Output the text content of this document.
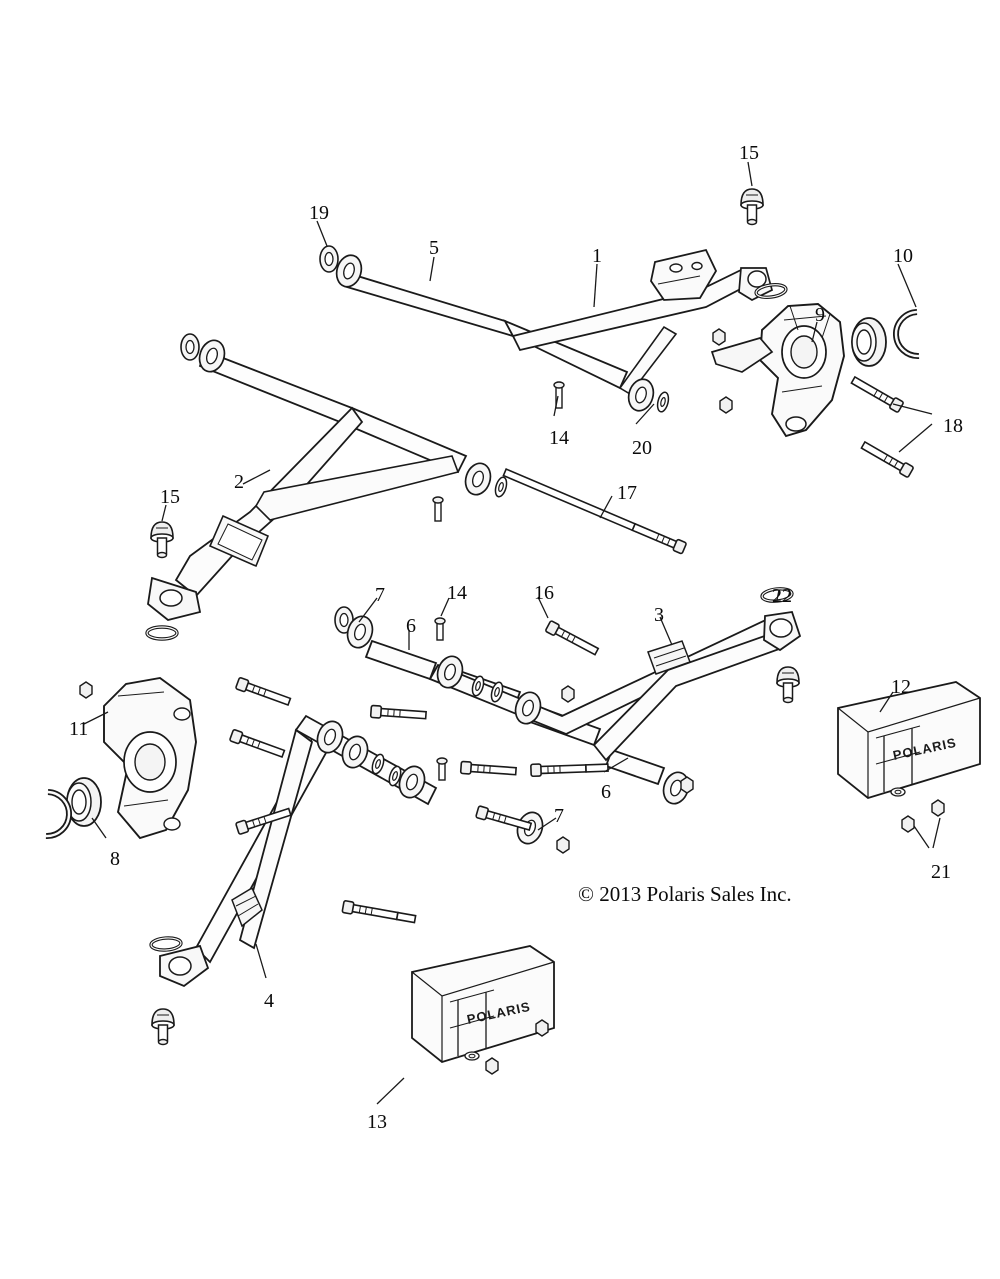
POLARIS
POLARIS
15
19
5	1	10
9
18
14	20
2
15	17
22
7	14	16
3
6
12
11
6
7
21
8
4
13
© 2013 Polaris Sales Inc.
